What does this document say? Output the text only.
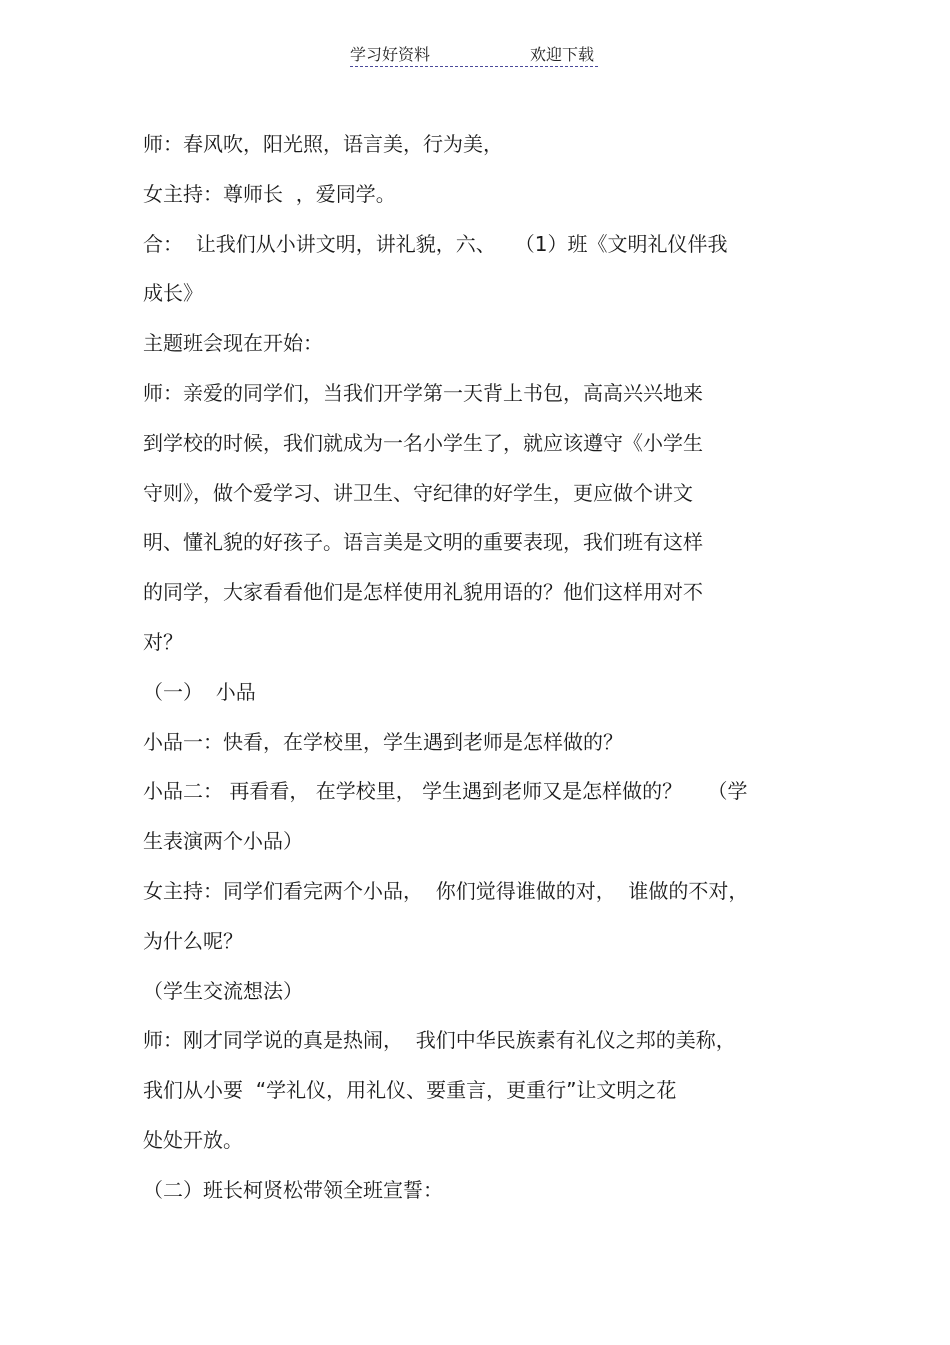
学习好资料	欢迎下载
师：春风吹，阳光照，语言美，行为美，
女主持：尊师长  ，爱同学。
合：  让我们从小讲文明，讲礼貌，六、   （1）班《文明礼仪伴我
成长》
主题班会现在开始：
师：亲爱的同学们，当我们开学第一天背上书包，高高兴兴地来
到学校的时候，我们就成为一名小学生了，就应该遵守《小学生
守则》，做个爱学习、讲卫生、守纪律的好学生，更应做个讲文
明、懂礼貌的好孩子。语言美是文明的重要表现，我们班有这样
的同学，大家看看他们是怎样使用礼貌用语的？他们这样用对不
对？
（一）  小品
小品一：快看，在学校里，学生遇到老师是怎样做的？
小品二： 再看看， 在学校里， 学生遇到老师又是怎样做的？    （学
生表演两个小品）
女主持：同学们看完两个小品，  你们觉得谁做的对，  谁做的不对，
为什么呢？
（学生交流想法）
师：刚才同学说的真是热闹，  我们中华民族素有礼仪之邦的美称，
我们从小要  “学礼仪，用礼仪、要重言，更重行”让文明之花
处处开放。
（二）班长柯贤松带领全班宣誓：
